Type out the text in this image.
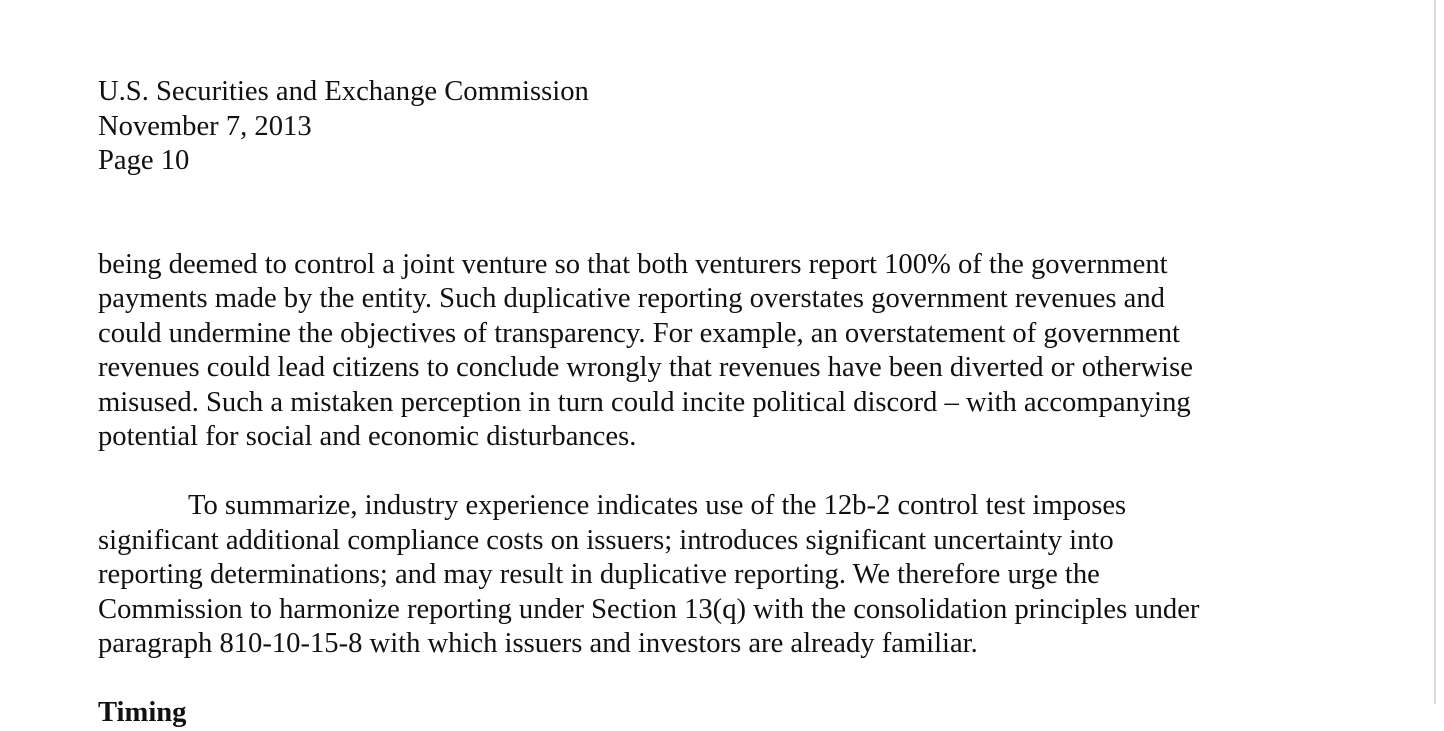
U.S. Securities and Exchange Commission
November 7, 2013
Page 10
being deemed to control a joint venture so that both venturers report 100% of the government
payments made by the entity. Such duplicative reporting overstates government revenues and
could undermine the objectives of transparency. For example, an overstatement of government
revenues could lead citizens to conclude wrongly that revenues have been diverted or otherwise
misused. Such a mistaken perception in turn could incite political discord – with accompanying
potential for social and economic disturbances.
To summarize, industry experience indicates use of the 12b-2 control test imposes
significant additional compliance costs on issuers; introduces significant uncertainty into
reporting determinations; and may result in duplicative reporting. We therefore urge the
Commission to harmonize reporting under Section 13(q) with the consolidation principles under
paragraph 810-10-15-8 with which issuers and investors are already familiar.
Timing
